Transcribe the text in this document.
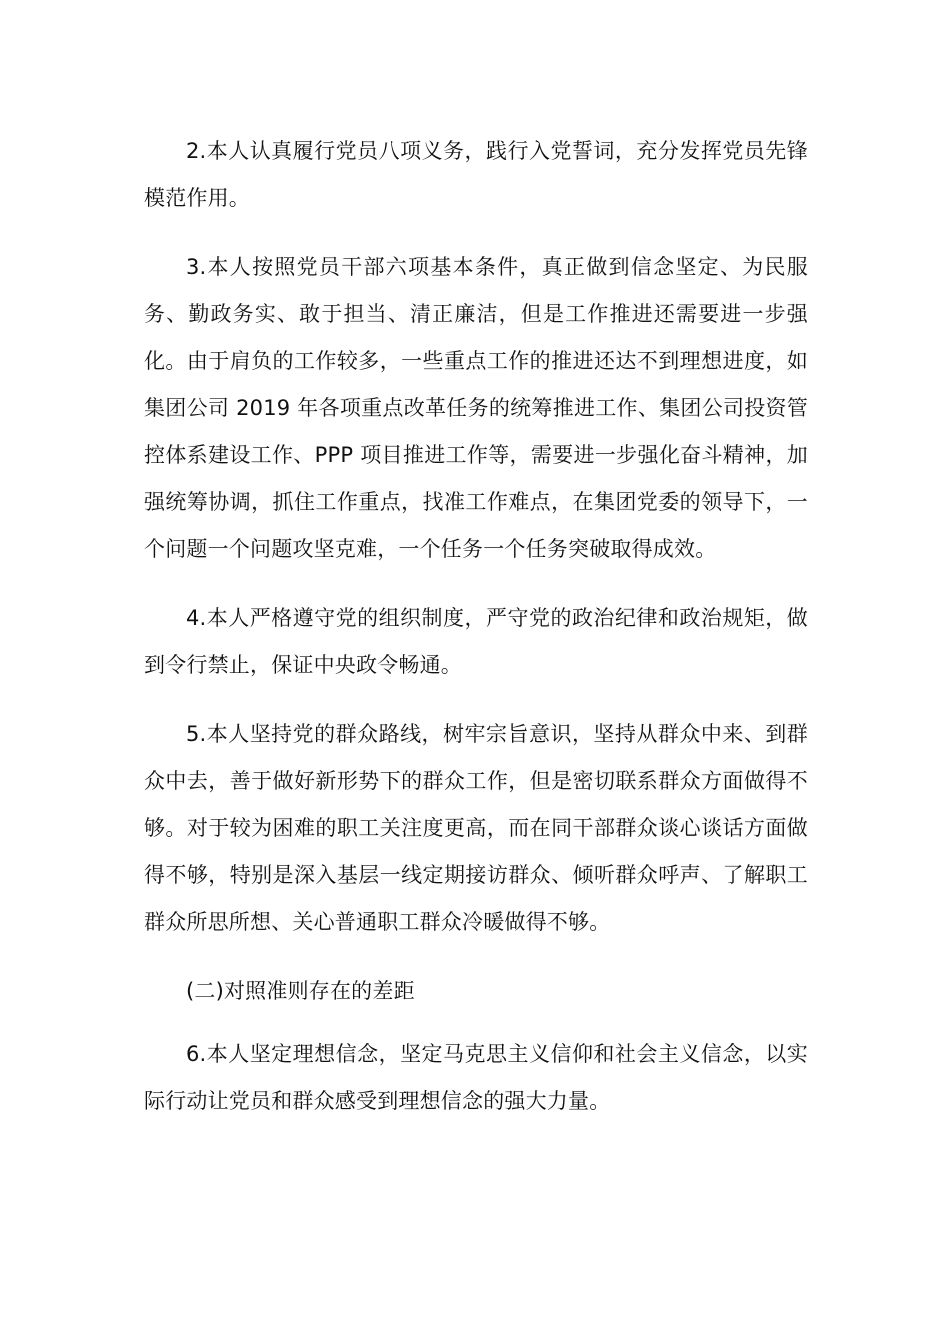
2.本人认真履行党员八项义务，践行入党誓词，充分发挥党员先锋模范作用。

3.本人按照党员干部六项基本条件，真正做到信念坚定、为民服务、勤政务实、敢于担当、清正廉洁，但是工作推进还需要进一步强化。由于肩负的工作较多，一些重点工作的推进还达不到理想进度，如集团公司 2019 年各项重点改革任务的统筹推进工作、集团公司投资管控体系建设工作、PPP 项目推进工作等，需要进一步强化奋斗精神，加强统筹协调，抓住工作重点，找准工作难点，在集团党委的领导下，一个问题一个问题攻坚克难，一个任务一个任务突破取得成效。

4.本人严格遵守党的组织制度，严守党的政治纪律和政治规矩，做到令行禁止，保证中央政令畅通。

5.本人坚持党的群众路线，树牢宗旨意识，坚持从群众中来、到群众中去，善于做好新形势下的群众工作，但是密切联系群众方面做得不够。对于较为困难的职工关注度更高，而在同干部群众谈心谈话方面做得不够，特别是深入基层一线定期接访群众、倾听群众呼声、了解职工群众所思所想、关心普通职工群众冷暖做得不够。

(二)对照准则存在的差距

6.本人坚定理想信念，坚定马克思主义信仰和社会主义信念，以实际行动让党员和群众感受到理想信念的强大力量。
